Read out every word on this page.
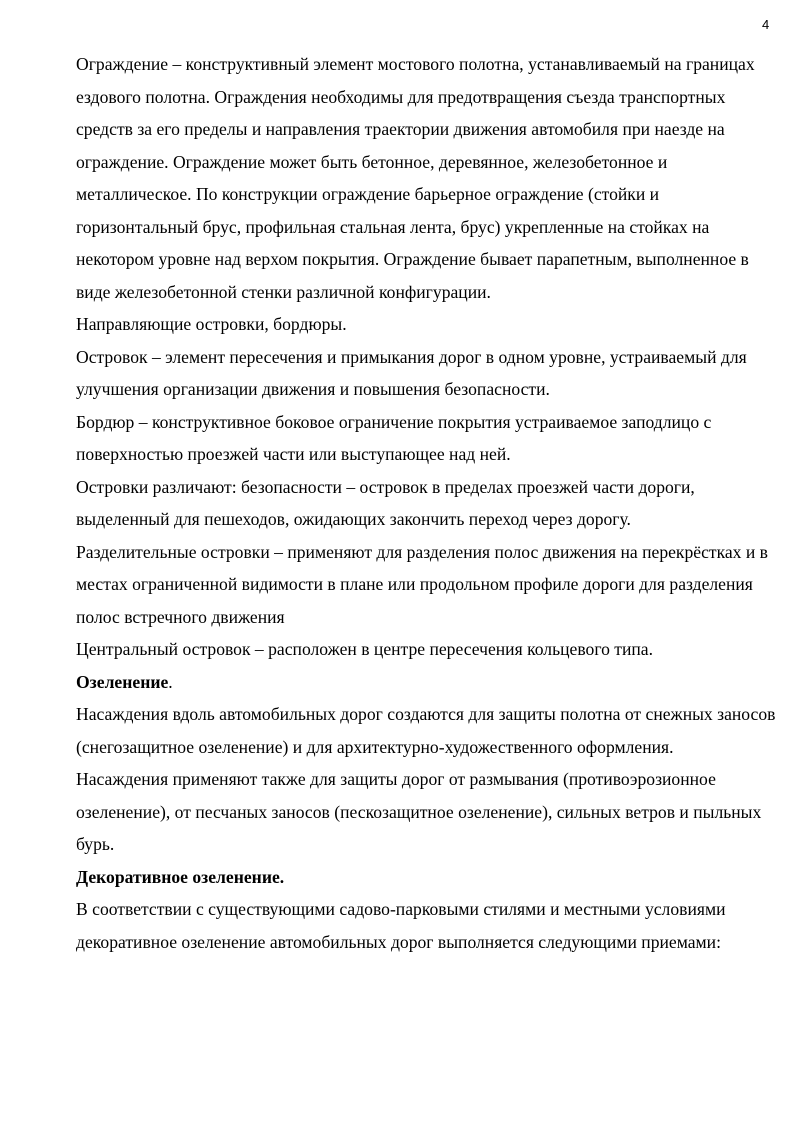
4

Ограждение – конструктивный элемент мостового полотна, устанавливаемый на границах ездового полотна. Ограждения необходимы для предотвращения съезда транспортных средств за его пределы и направления траектории движения автомобиля при наезде на ограждение. Ограждение может быть бетонное, деревянное, железобетонное и металлическое. По конструкции ограждение барьерное ограждение (стойки и горизонтальный брус, профильная стальная лента, брус) укрепленные на стойках на некотором уровне над верхом покрытия. Ограждение бывает парапетным, выполненное в виде железобетонной стенки различной конфигурации.

Направляющие островки, бордюры.

Островок – элемент пересечения и примыкания дорог в одном уровне, устраиваемый для улучшения организации движения и повышения безопасности.

Бордюр – конструктивное боковое ограничение покрытия устраиваемое заподлицо с поверхностью проезжей части или выступающее над ней.

Островки различают: безопасности – островок в пределах проезжей части дороги, выделенный для пешеходов, ожидающих закончить переход через дорогу.

Разделительные островки – применяют для разделения полос движения на перекрёстках и в местах ограниченной видимости в плане или продольном профиле дороги для разделения полос встречного движения

Центральный островок – расположен в центре пересечения кольцевого типа.

Озеленение.

Насаждения вдоль автомобильных дорог создаются для защиты полотна от снежных заносов (снегозащитное озеленение) и для архитектурно-художественного оформления.

Насаждения применяют также для защиты дорог от размывания (противоэрозионное озеленение), от песчаных заносов (пескозащитное озеленение), сильных ветров и пыльных бурь.

Декоративное озеленение.

В соответствии с существующими садово-парковыми стилями и местными условиями декоративное озеленение автомобильных дорог выполняется следующими приемами:
